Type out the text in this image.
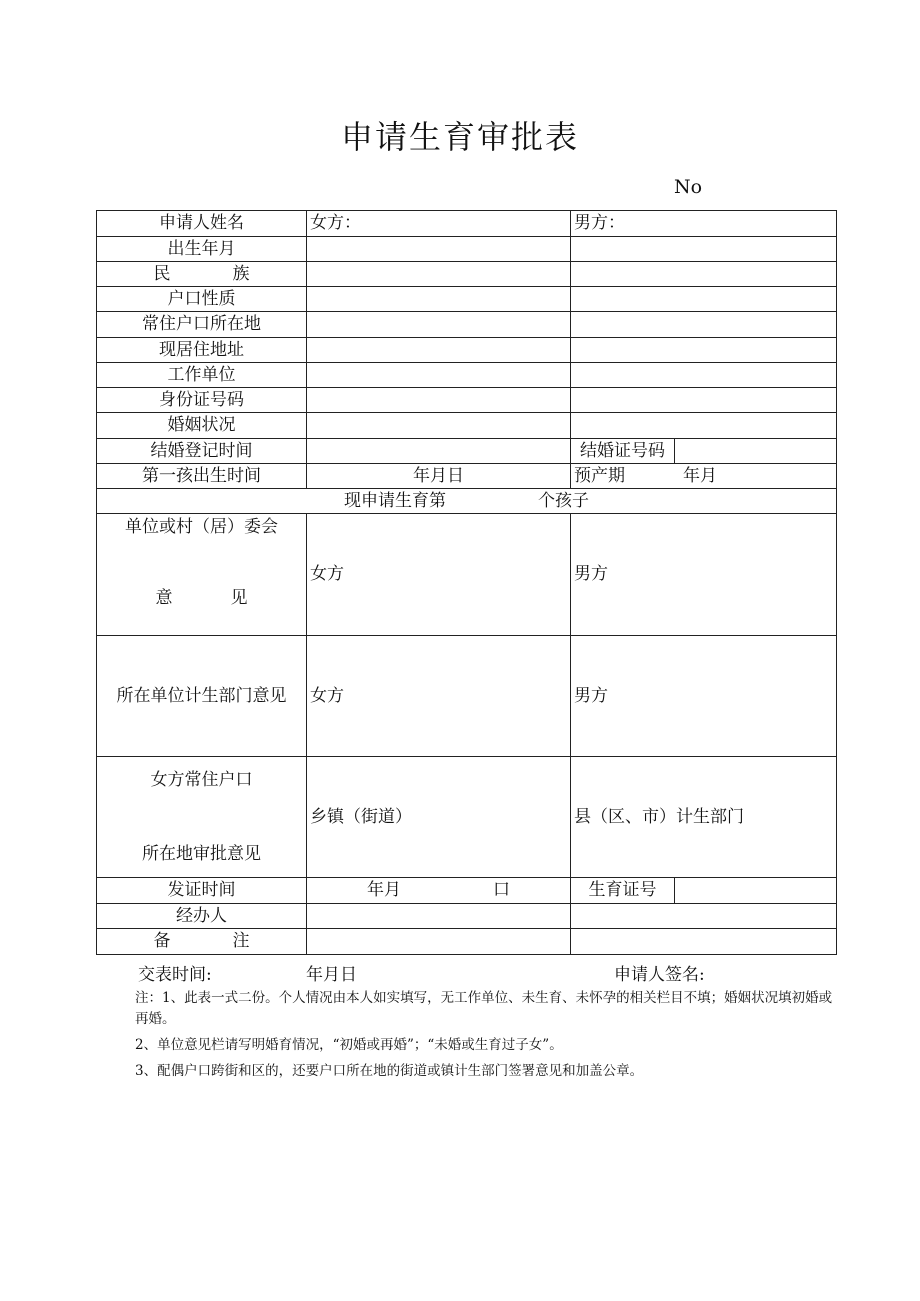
申请生育审批表
No
申请人姓名	女方：	男方：	
出生年月			
民 族			
户口性质			
常住户口所在地			
现居住地址			
工作单位			
身份证号码			
婚姻状况			
结婚登记时间		结婚证号码	
第一孩出生时间	年月日	预产期 年月	
现申请生育第 个孩子			

单位或村（居）委会
意 见	女方	男方	
所在单位计生部门意见	女方	男方	

女方常住户口
所在地审批意见	乡镇（街道）	县（区、市）计生部门	
发证时间	年月 口	生育证号	
经办人			
备 注			
交表时间:	年月日	申请人签名:

注：1、此表一式二份。个人情况由本人如实填写，无工作单位、未生育、未怀孕的相关栏目不填；婚姻状况填初婚或再婚。

2、单位意见栏请写明婚育情况，“初婚或再婚”；“未婚或生育过子女”。

3、配偶户口跨街和区的，还要户口所在地的街道或镇计生部门签署意见和加盖公章。
